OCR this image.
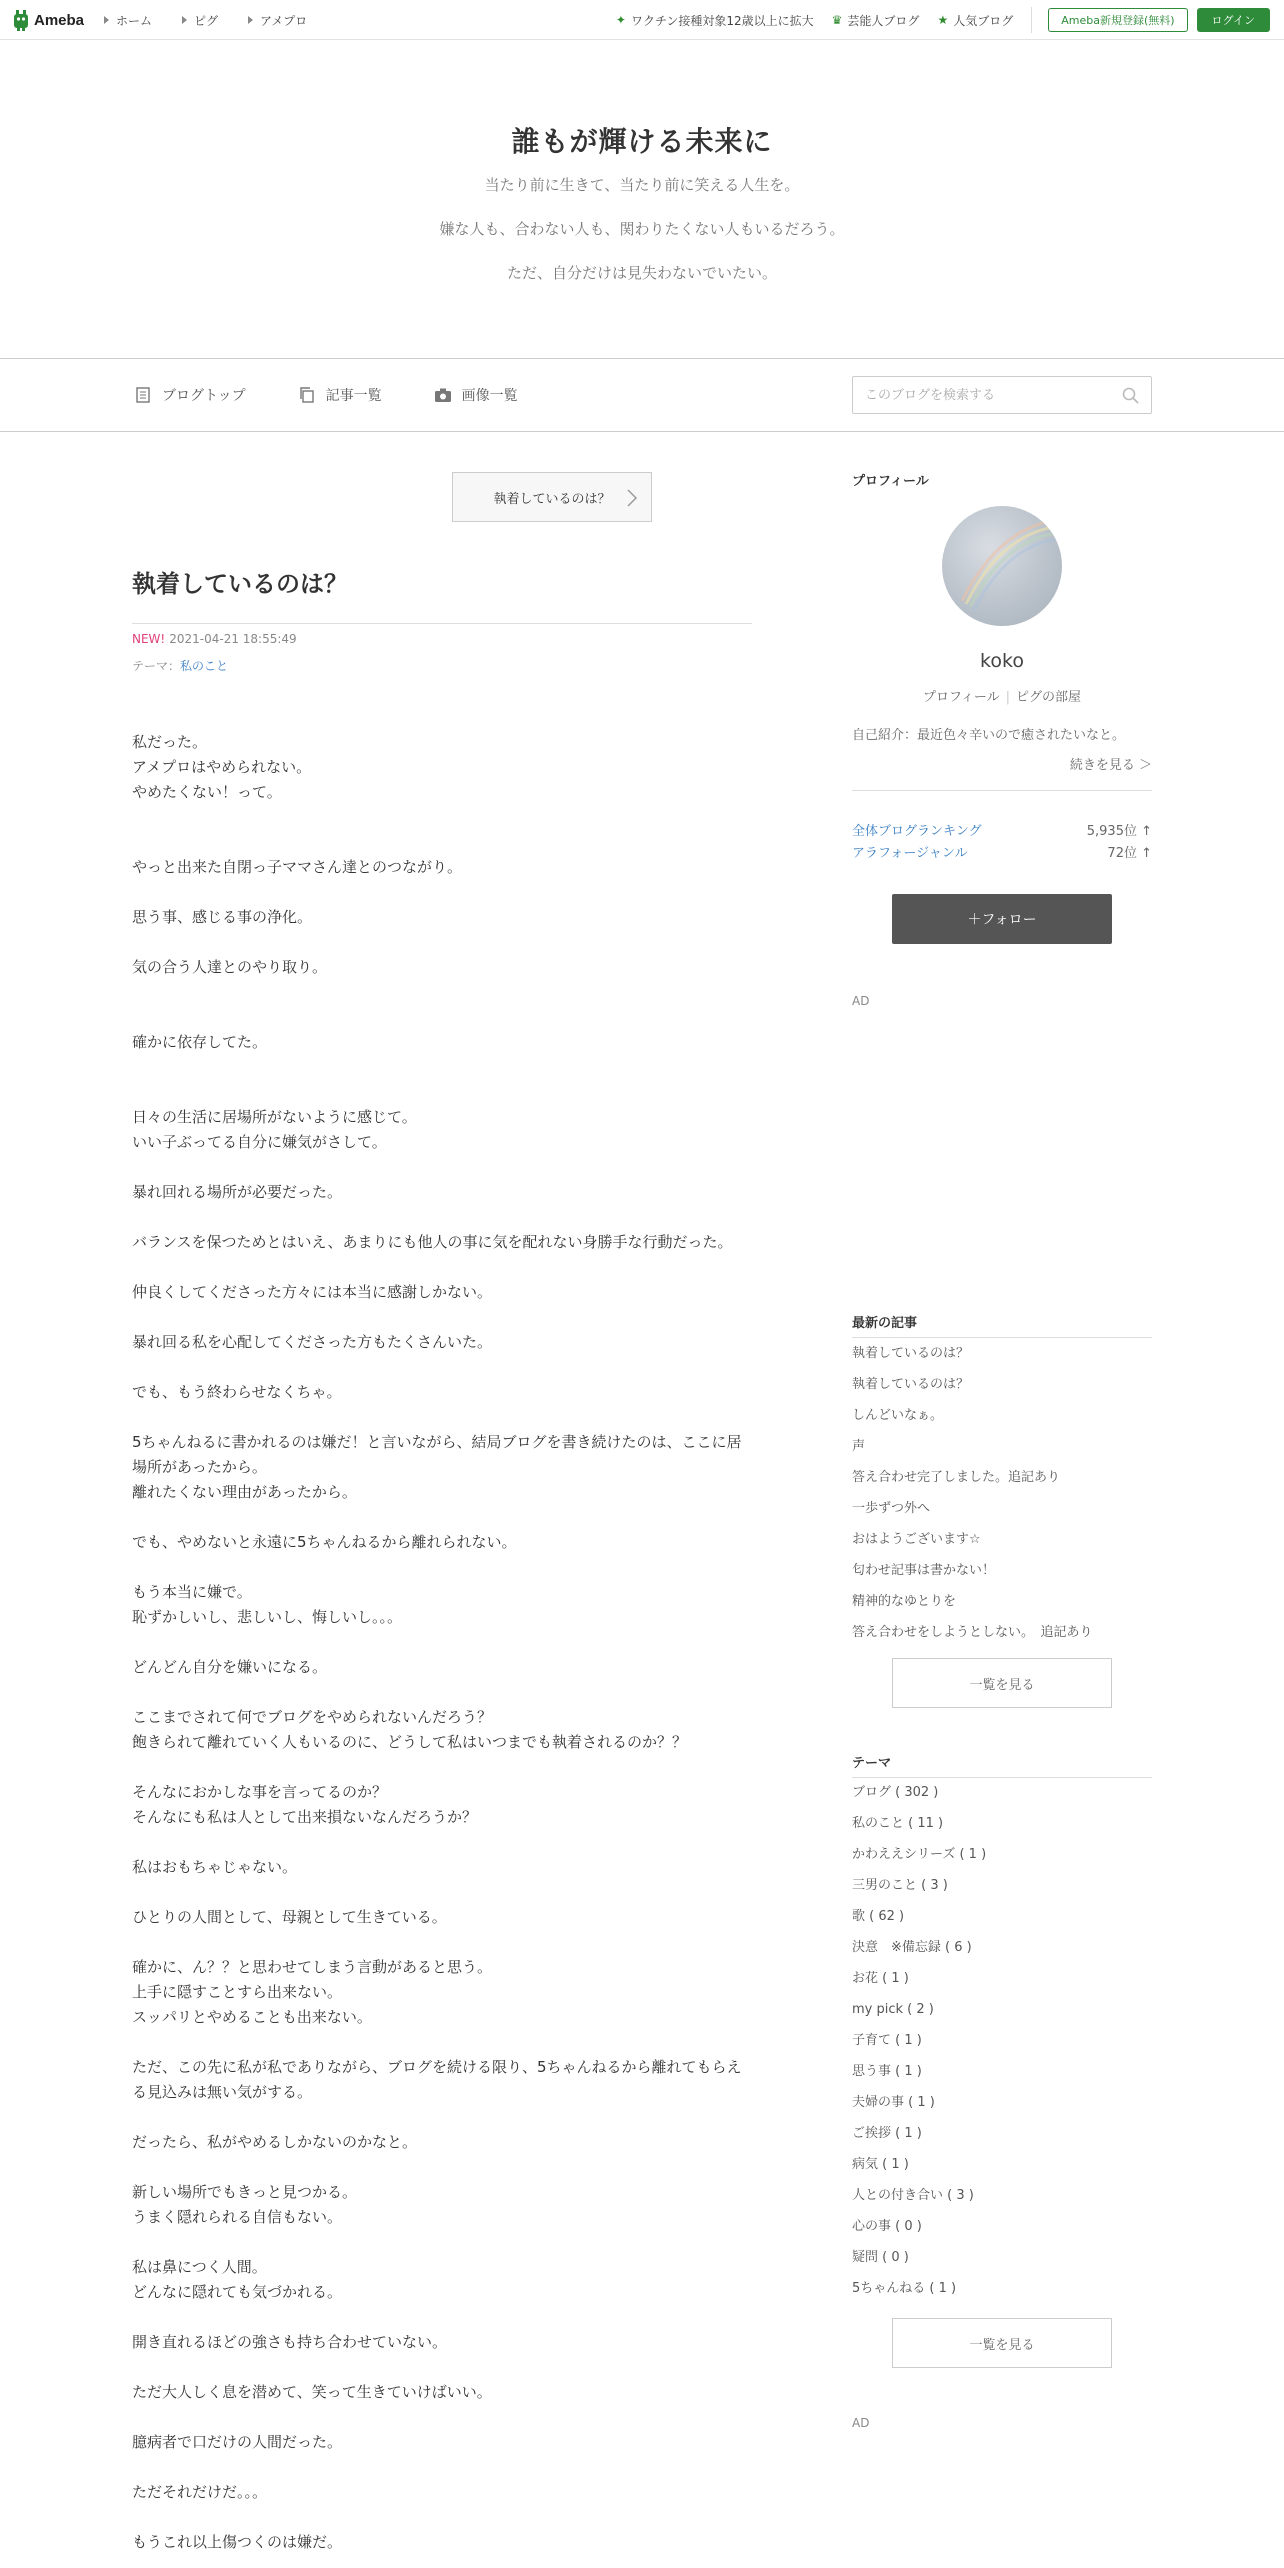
Ameba	ホーム	ピグ	アメプロ	✦ ワクチン接種対象12歳以上に拡大 ♛ 芸能人ブログ ★ 人気ブログ	Ameba新規登録(無料)	ログイン
誰もが輝ける未来に

当たり前に生きて、当たり前に笑える人生を。

嫌な人も、合わない人も、関わりたくない人もいるだろう。

ただ、自分だけは見失わないでいたい。

ブログトップ	記事一覧	画像一覧
このブログを検索する
執着しているのは？
執着しているのは？
NEW! 2021-04-21 18:55:49
テーマ：私のこと
私だった。
アメプロはやめられない。
やめたくない！って。
やっと出来た自閉っ子ママさん達とのつながり。
思う事、感じる事の浄化。
気の合う人達とのやり取り。
確かに依存してた。
日々の生活に居場所がないように感じて。
いい子ぶってる自分に嫌気がさして。
暴れ回れる場所が必要だった。
バランスを保つためとはいえ、あまりにも他人の事に気を配れない身勝手な行動だった。
仲良くしてくださった方々には本当に感謝しかない。
暴れ回る私を心配してくださった方もたくさんいた。
でも、もう終わらせなくちゃ。
5ちゃんねるに書かれるのは嫌だ！と言いながら、結局ブログを書き続けたのは、ここに居場所があったから。
離れたくない理由があったから。
でも、やめないと永遠に5ちゃんねるから離れられない。
もう本当に嫌で。
恥ずかしいし、悲しいし、悔しいし。。。
どんどん自分を嫌いになる。
ここまでされて何でブログをやめられないんだろう？
飽きられて離れていく人もいるのに、どうして私はいつまでも執着されるのか？？
そんなにおかしな事を言ってるのか？
そんなにも私は人として出来損ないなんだろうか？
私はおもちゃじゃない。
ひとりの人間として、母親として生きている。
確かに、ん？？と思わせてしまう言動があると思う。
上手に隠すことすら出来ない。
スッパリとやめることも出来ない。
ただ、この先に私が私でありながら、ブログを続ける限り、5ちゃんねるから離れてもらえる見込みは無い気がする。
だったら、私がやめるしかないのかなと。
新しい場所でもきっと見つかる。
うまく隠れられる自信もない。
私は鼻につく人間。
どんなに隠れても気づかれる。
開き直れるほどの強さも持ち合わせていない。
ただ大人しく息を潜めて、笑って生きていけばいい。
臆病者で口だけの人間だった。
ただそれだけだ。。。
もうこれ以上傷つくのは嫌だ。
プロフィール
koko
プロフィール | ピグの部屋
自己紹介：最近色々辛いので癒されたいなと。
続きを見る ＞
全体ブログランキング	5,935位 ↑
アラフォージャンル	72位 ↑
＋フォロー
AD
最新の記事
執着しているのは？
執着しているのは？
しんどいなぁ。
声
答え合わせ完了しました。追記あり
一歩ずつ外へ
おはようございます☆
匂わせ記事は書かない！
精神的なゆとりを
答え合わせをしようとしない。　追記あり
一覧を見る
テーマ
ブログ ( 302 )
私のこと ( 11 )
かわええシリーズ ( 1 )
三男のこと ( 3 )
歌 ( 62 )
決意　※備忘録 ( 6 )
お花 ( 1 )
my pick ( 2 )
子育て ( 1 )
思う事 ( 1 )
夫婦の事 ( 1 )
ご挨拶 ( 1 )
病気 ( 1 )
人との付き合い ( 3 )
心の事 ( 0 )
疑問 ( 0 )
5ちゃんねる ( 1 )
一覧を見る
AD
